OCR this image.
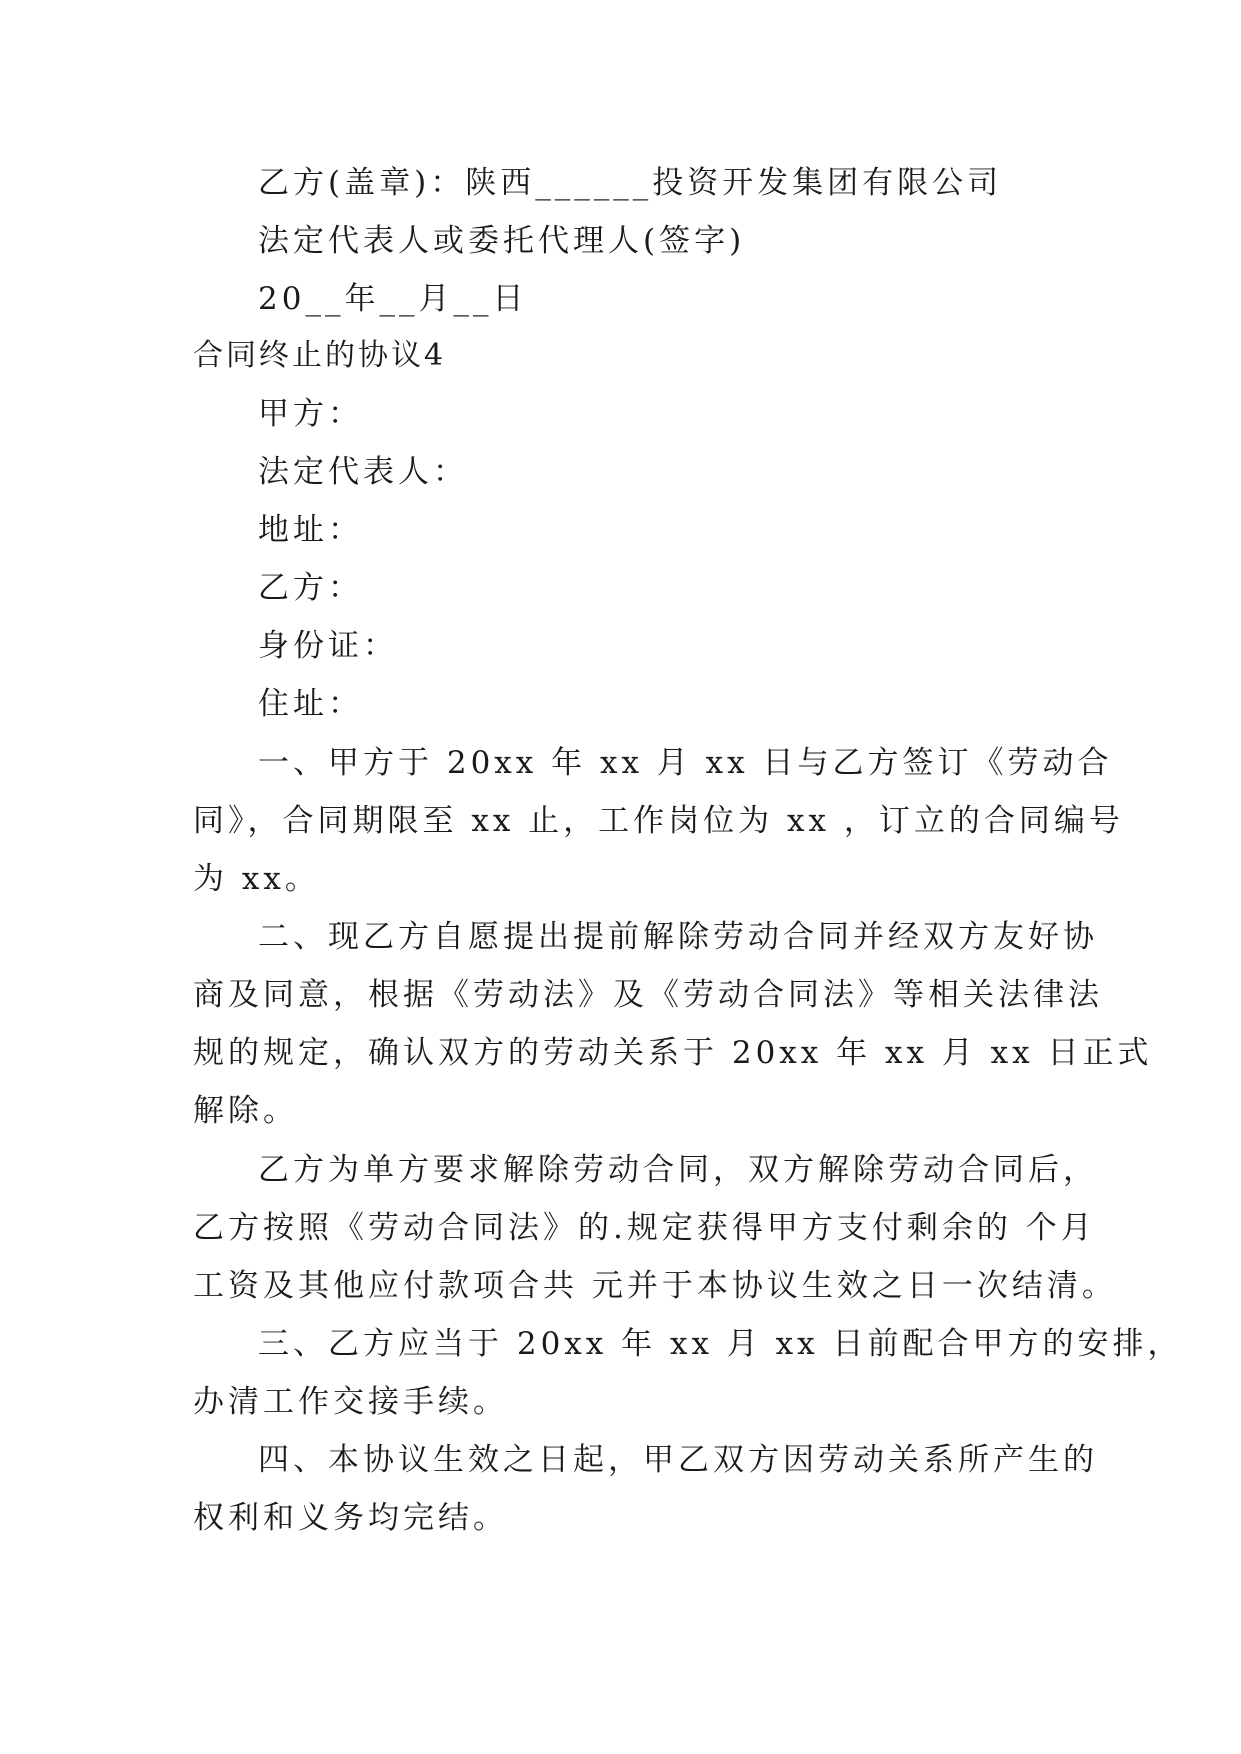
乙方(盖章)：陕西______投资开发集团有限公司
法定代表人或委托代理人(签字)
20__年__月__日
合同终止的协议4
甲方：
法定代表人：
地址：
乙方：
身份证：
住址：
一、甲方于 20xx 年 xx 月 xx 日与乙方签订《劳动合
同》，合同期限至 xx 止，工作岗位为 xx ，订立的合同编号
为 xx。
二、现乙方自愿提出提前解除劳动合同并经双方友好协
商及同意，根据《劳动法》及《劳动合同法》等相关法律法
规的规定，确认双方的劳动关系于 20xx 年 xx 月 xx 日正式
解除。
乙方为单方要求解除劳动合同，双方解除劳动合同后，
乙方按照《劳动合同法》的.规定获得甲方支付剩余的 个月
工资及其他应付款项合共 元并于本协议生效之日一次结清。
三、乙方应当于 20xx 年 xx 月 xx 日前配合甲方的安排，
办清工作交接手续。
四、本协议生效之日起，甲乙双方因劳动关系所产生的
权利和义务均完结。
